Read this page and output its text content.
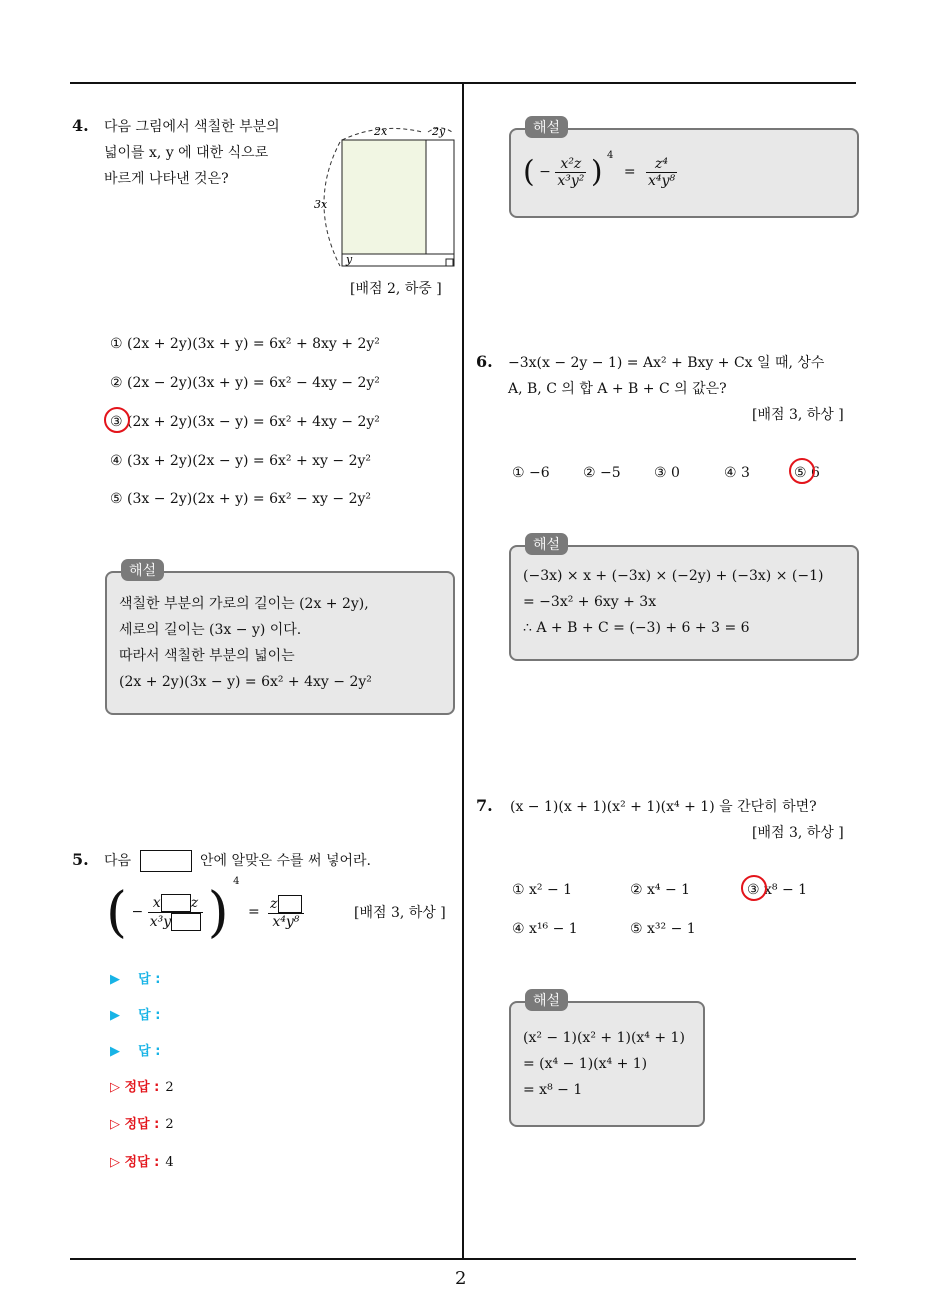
2
4. 다음 그림에서 색칠한 부분의
넓이를 x, y 에 대한 식으로
바르게 나타낸 것은?
2x	2y
3x
y
[배점 2, 하중 ]
① (2x + 2y)(3x + y) = 6x² + 8xy + 2y²
② (2x − 2y)(3x + y) = 6x² − 4xy − 2y²
③ (2x + 2y)(3x − y) = 6x² + 4xy − 2y²
④ (3x + 2y)(2x − y) = 6x² + xy − 2y²
⑤ (3x − 2y)(2x + y) = 6x² − xy − 2y²
해설
색칠한 부분의 가로의 길이는 (2x + 2y),
세로의 길이는 (3x − y) 이다.
따라서 색칠한 부분의 넓이는
(2x + 2y)(3x − y) = 6x² + 4xy − 2y²
5. 다음	안에 알맞은 수를 써 넣어라.
( − $\frac{\text{x z}}{\text{x³y}}$ ) $^4 = \frac{z}{\text{x⁴y⁸}}$	[배점 3, 하상 ]
▶ 답 :
▶ 답 :
▶ 답 :
▷ 정답 : 2
▷ 정답 : 2
▷ 정답 : 4
해설
( − $\frac{\text{x²z}}{\text{x³y²}}$ ) $^4 = \frac{\text{z⁴}}{\text{x⁴y⁸}}$
6. −3x(x − 2y − 1) = Ax² + Bxy + Cx 일 때, 상수
A, B, C 의 합 A + B + C 의 값은?
[배점 3, 하상 ]
① −6 ② −5 ③ 0	④ 3	⑤ 6
해설
(−3x) × x + (−3x) × (−2y) + (−3x) × (−1)
= −3x² + 6xy + 3x
∴ A + B + C = (−3) + 6 + 3 = 6
7. (x − 1)(x + 1)(x² + 1)(x⁴ + 1) 을 간단히 하면?
[배점 3, 하상 ]
① x² − 1	② x⁴ − 1	③ x⁸ − 1
④ x¹⁶ − 1	⑤ x³² − 1
해설
(x² − 1)(x² + 1)(x⁴ + 1)
= (x⁴ − 1)(x⁴ + 1)
= x⁸ − 1
